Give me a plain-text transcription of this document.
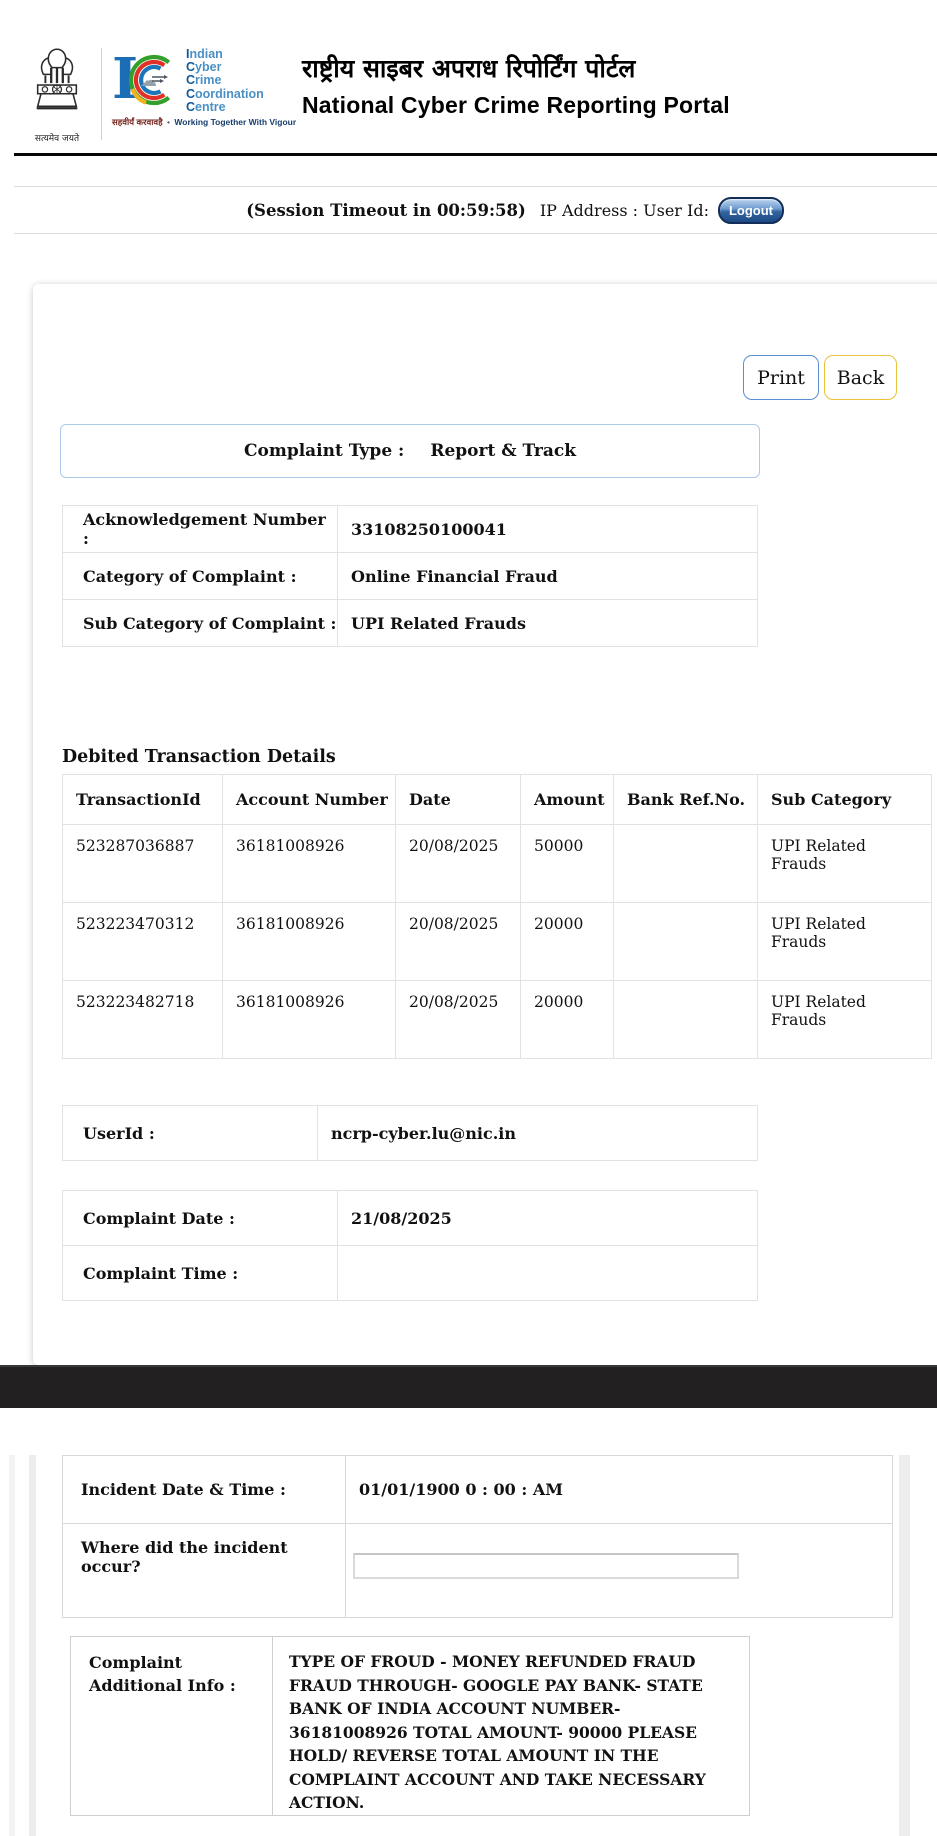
सत्यमेव जयते
I ☁
Indian
Cyber
Crime
Coordination
Centre
सहवीर्यं करवावहै • Working Together With Vigour
राष्ट्रीय साइबर अपराध रिपोर्टिंग पोर्टल
National Cyber Crime Reporting Portal
(Session Timeout in 00:59:58) IP Address : User Id:	Logout
Print	Back
Complaint Type : Report & Track
Acknowledgement Number :	33108250100041
Category of Complaint :	Online Financial Fraud
Sub Category of Complaint :	UPI Related Frauds
Debited Transaction Details
TransactionId	Account Number	Date	Amount	Bank Ref.No.	Sub Category
523287036887	36181008926	20/08/2025	50000		UPI Related Frauds
523223470312	36181008926	20/08/2025	20000		UPI Related Frauds
523223482718	36181008926	20/08/2025	20000		UPI Related Frauds
UserId :	ncrp-cyber.lu@nic.in
Complaint Date :	21/08/2025
Complaint Time :	
Incident Date & Time :	01/01/1900 0 : 00 : AM
Where did the incident occur?	
Complaint Additional Info :	TYPE OF FROUD - MONEY REFUNDED FRAUD FRAUD THROUGH- GOOGLE PAY BANK- STATE BANK OF INDIA ACCOUNT NUMBER- 36181008926 TOTAL AMOUNT- 90000 PLEASE HOLD/ REVERSE TOTAL AMOUNT IN THE COMPLAINT ACCOUNT AND TAKE NECESSARY ACTION.
